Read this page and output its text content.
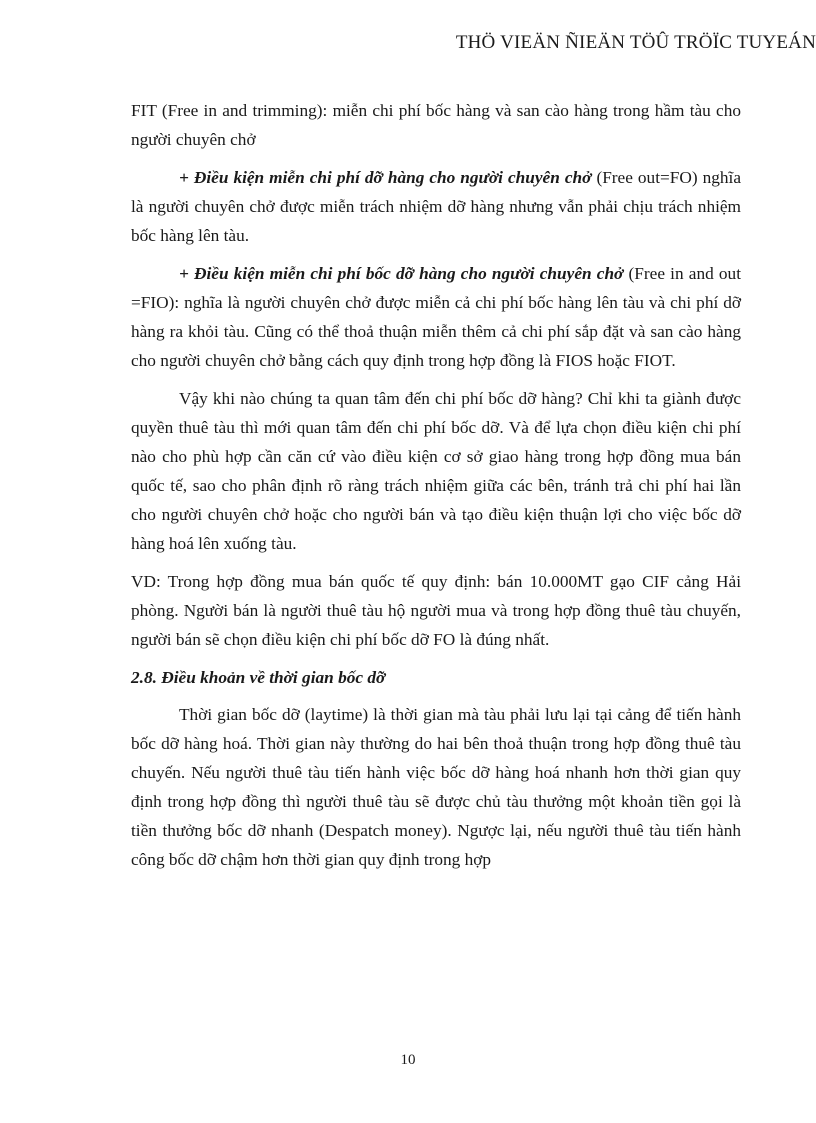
THÖ VIEÄN ÑIEÄN TÖÛ TRÖÏC TUYEÁN

FIT (Free in and trimming): miễn chi phí bốc hàng và san cào hàng trong hầm tàu cho người chuyên chở

+ Điều kiện miễn chi phí dỡ hàng cho người chuyên chở (Free out=FO) nghĩa là người chuyên chở được miễn trách nhiệm dỡ hàng nhưng vẫn phải chịu trách nhiệm bốc hàng lên tàu.

+ Điều kiện miễn chi phí bốc dỡ hàng cho người chuyên chở (Free in and out =FIO): nghĩa là người chuyên chở được miễn cả chi phí bốc hàng lên tàu và chi phí dỡ hàng ra khỏi tàu. Cũng có thể thoả thuận miễn thêm cả chi phí sắp đặt và san cào hàng cho người chuyên chở bằng cách quy định trong hợp đồng là FIOS hoặc FIOT.

Vậy khi nào chúng ta quan tâm đến chi phí bốc dỡ hàng? Chỉ khi ta giành được quyền thuê tàu thì mới quan tâm đến chi phí bốc dỡ. Và để lựa chọn điều kiện chi phí nào cho phù hợp cần căn cứ vào điều kiện cơ sở giao hàng trong hợp đồng mua bán quốc tế, sao cho phân định rõ ràng trách nhiệm giữa các bên, tránh trả chi phí hai lần cho người chuyên chở hoặc cho người bán và tạo điều kiện thuận lợi cho việc bốc dỡ hàng hoá lên xuống tàu.

VD: Trong hợp đồng mua bán quốc tế quy định: bán 10.000MT gạo CIF cảng Hải phòng. Người bán là người thuê tàu hộ người mua và trong hợp đồng thuê tàu chuyến, người bán sẽ chọn điều kiện chi phí bốc dỡ FO là đúng nhất.

2.8. Điều khoản về thời gian bốc dỡ

Thời gian bốc dỡ (laytime) là thời gian mà tàu phải lưu lại tại cảng để tiến hành bốc dỡ hàng hoá. Thời gian này thường do hai bên thoả thuận trong hợp đồng thuê tàu chuyến. Nếu người thuê tàu tiến hành việc bốc dỡ hàng hoá nhanh hơn thời gian quy định trong hợp đồng thì người thuê tàu sẽ được chủ tàu thưởng một khoản tiền gọi là tiền thưởng bốc dỡ nhanh (Despatch money). Ngược lại, nếu người thuê tàu tiến hành công bốc dỡ chậm hơn thời gian quy định trong hợp

10
